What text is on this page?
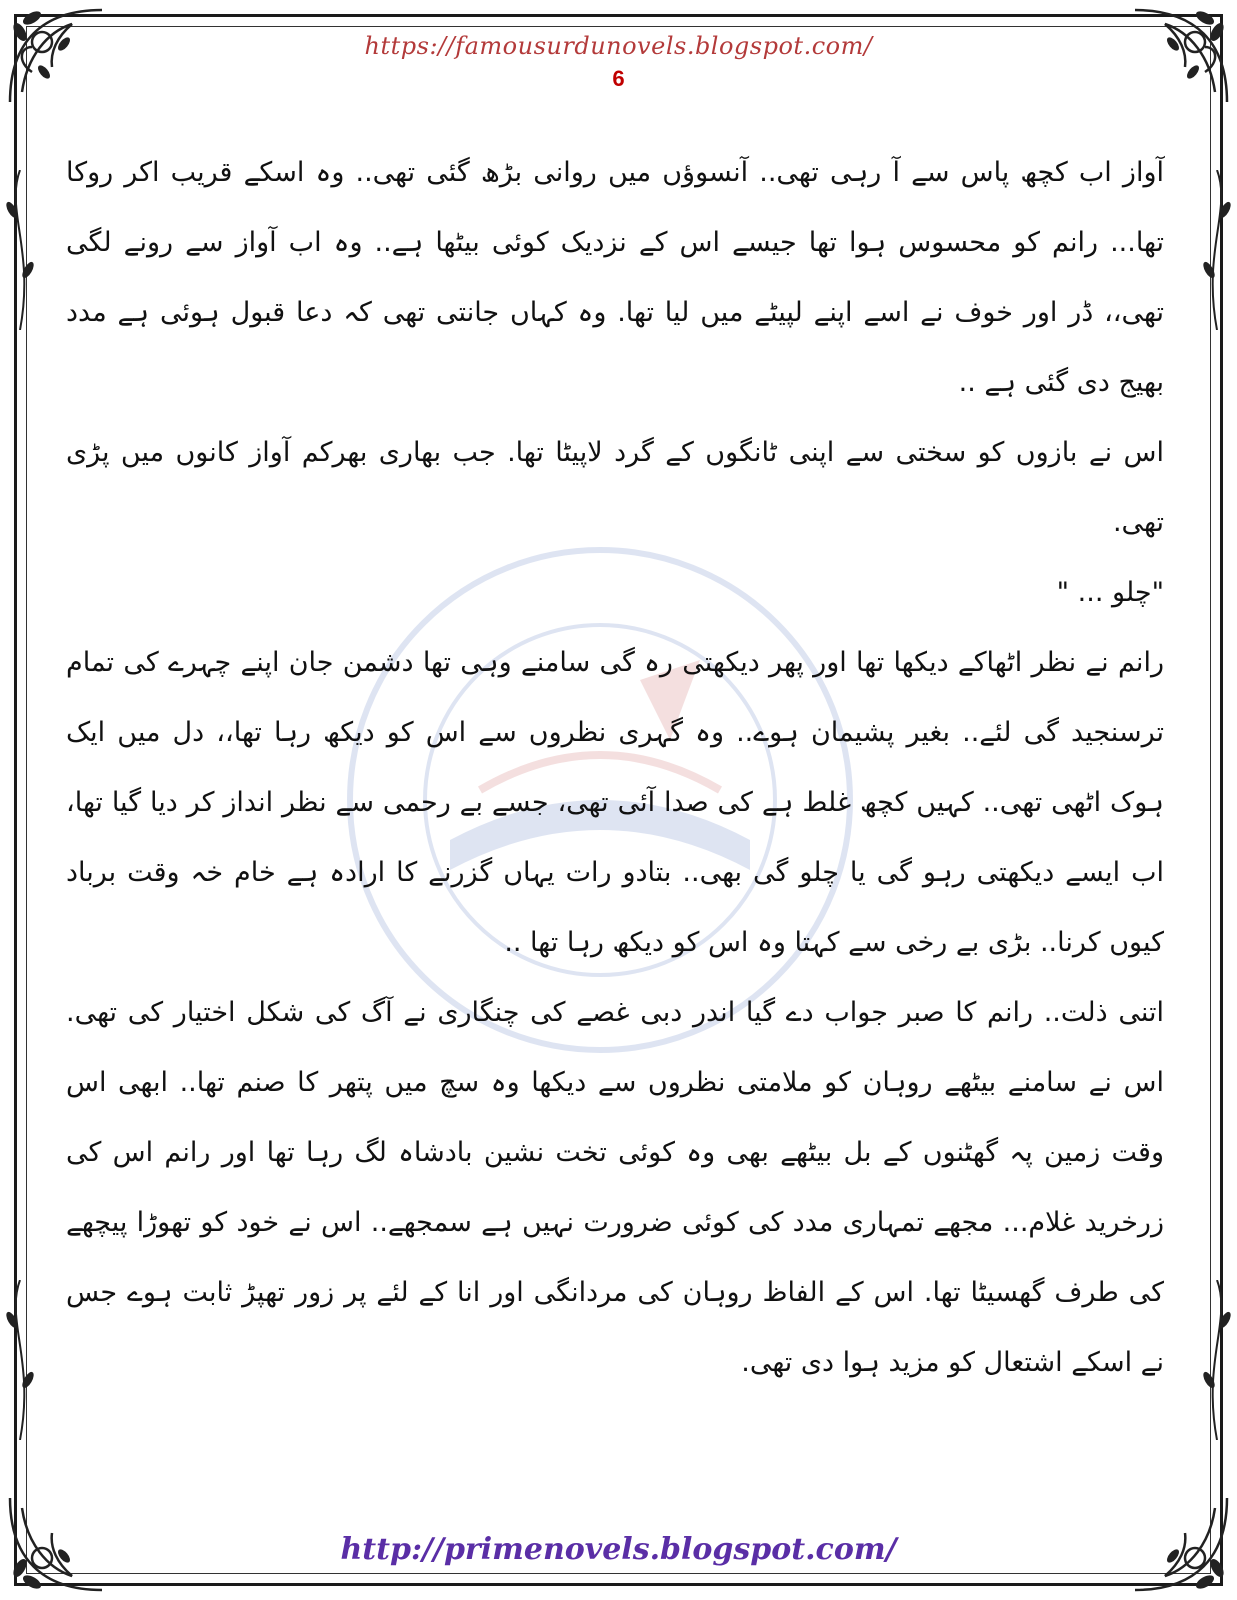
https://famousurdunovels.blogspot.com/
6

آواز اب کچھ پاس سے آ رہی تھی.. آنسوؤں میں روانی بڑھ گئی تھی.. وہ اسکے قریب اکر روکا تھا... رانم کو محسوس ہوا تھا جیسے اس کے نزدیک کوئی بیٹھا ہے.. وہ اب آواز سے رونے لگی تھی،، ڈر اور خوف نے اسے اپنے لپیٹے میں لیا تھا. وہ کہاں جانتی تھی کہ دعا قبول ہوئی ہے مدد بھیج دی گئی ہے ..

اس نے بازوں کو سختی سے اپنی ٹانگوں کے گرد لاپیٹا تھا. جب بھاری بھرکم آواز کانوں میں پڑی تھی.

"چلو ... "

رانم نے نظر اٹھاکے دیکھا تھا اور پھر دیکھتی رہ گی سامنے وہی تھا دشمن جان اپنے چہرے کی تمام ترسنجید گی لئے.. بغیر پشیمان ہوے.. وہ گہری نظروں سے اس کو دیکھ رہا تھا،، دل میں ایک ہوک اٹھی تھی.. کہیں کچھ غلط ہے کی صدا آئی تھی، جسے بے رحمی سے نظر انداز کر دیا گیا تھا، اب ایسے دیکھتی رہو گی یا چلو گی بھی.. بتادو رات یہاں گزرنے کا ارادہ ہے خام خہ وقت برباد کیوں کرنا.. بڑی بے رخی سے کہتا وہ اس کو دیکھ رہا تھا ..

اتنی ذلت.. رانم کا صبر جواب دے گیا اندر دبی غصے کی چنگاری نے آگ کی شکل اختیار کی تھی. اس نے سامنے بیٹھے روہان کو ملامتی نظروں سے دیکھا وہ سچ میں پتھر کا صنم تھا.. ابھی اس وقت زمین پہ گھٹنوں کے بل بیٹھے بھی وہ کوئی تخت نشین بادشاہ لگ رہا تھا اور رانم اس کی زرخرید غلام... مجھے تمہاری مدد کی کوئی ضرورت نہیں ہے سمجھے.. اس نے خود کو تھوڑا پیچھے کی طرف گھسیٹا تھا. اس کے الفاظ روہان کی مردانگی اور انا کے لئے پر زور تھپڑ ثابت ہوے جس نے اسکے اشتعال کو مزید ہوا دی تھی.

http://primenovels.blogspot.com/
